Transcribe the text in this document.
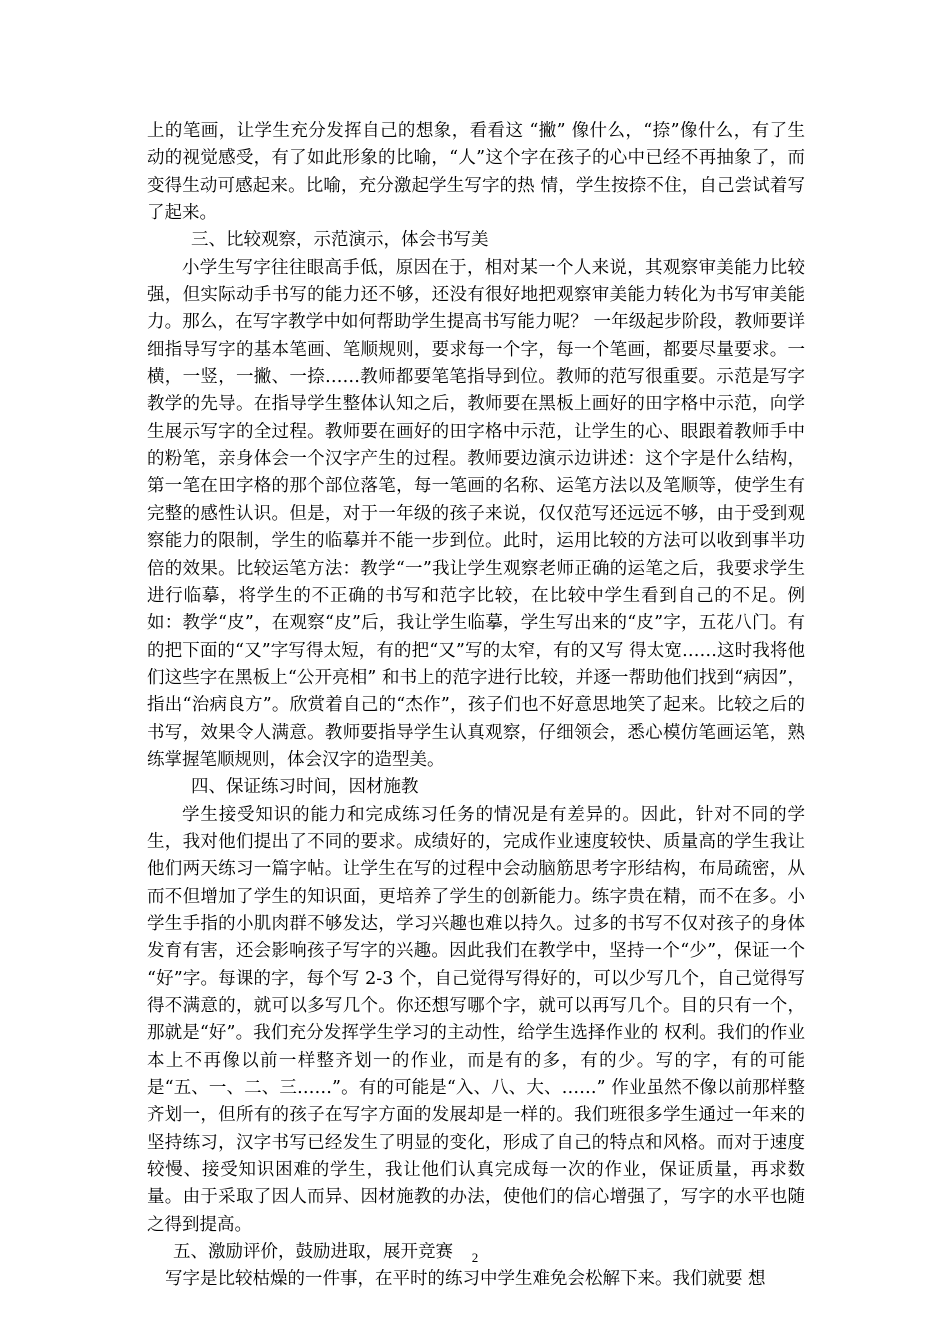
上的笔画，让学生充分发挥自己的想象，看看这 “撇” 像什么，“捺”像什么，有了生动的视觉感受，有了如此形象的比喻，“人”这个字在孩子的心中已经不再抽象了，而变得生动可感起来。比喻，充分激起学生写字的热 情，学生按捺不住，自己尝试着写了起来。

三、比较观察，示范演示，体会书写美

小学生写字往往眼高手低，原因在于，相对某一个人来说，其观察审美能力比较强，但实际动手书写的能力还不够，还没有很好地把观察审美能力转化为书写审美能力。那么，在写字教学中如何帮助学生提高书写能力呢？ 一年级起步阶段，教师要详细指导写字的基本笔画、笔顺规则，要求每一个字，每一个笔画，都要尽量要求。一横，一竖，一撇、一捺……教师都要笔笔指导到位。教师的范写很重要。示范是写字教学的先导。在指导学生整体认知之后，教师要在黑板上画好的田字格中示范，向学生展示写字的全过程。教师要在画好的田字格中示范，让学生的心、眼跟着教师手中的粉笔，亲身体会一个汉字产生的过程。教师要边演示边讲述：这个字是什么结构，第一笔在田字格的那个部位落笔，每一笔画的名称、运笔方法以及笔顺等，使学生有完整的感性认识。但是，对于一年级的孩子来说，仅仅范写还远远不够，由于受到观察能力的限制，学生的临摹并不能一步到位。此时，运用比较的方法可以收到事半功倍的效果。比较运笔方法：教学“一”我让学生观察老师正确的运笔之后，我要求学生进行临摹，将学生的不正确的书写和范字比较，在比较中学生看到自己的不足。例如：教学“皮”，在观察“皮”后，我让学生临摹，学生写出来的“皮”字，五花八门。有的把下面的“又”字写得太短，有的把“又”写的太窄，有的又写 得太宽……这时我将他们这些字在黑板上“公开亮相” 和书上的范字进行比较，并逐一帮助他们找到“病因”，指出“治病良方”。欣赏着自己的“杰作”，孩子们也不好意思地笑了起来。比较之后的书写，效果令人满意。教师要指导学生认真观察，仔细领会，悉心模仿笔画运笔，熟练掌握笔顺规则，体会汉字的造型美。

四、保证练习时间，因材施教

学生接受知识的能力和完成练习任务的情况是有差异的。因此，针对不同的学生，我对他们提出了不同的要求。成绩好的，完成作业速度较快、质量高的学生我让他们两天练习一篇字帖。让学生在写的过程中会动脑筋思考字形结构，布局疏密，从而不但增加了学生的知识面，更培养了学生的创新能力。练字贵在精，而不在多。小学生手指的小肌肉群不够发达，学习兴趣也难以持久。过多的书写不仅对孩子的身体发育有害，还会影响孩子写字的兴趣。因此我们在教学中，坚持一个“少”，保证一个 “好”字。每课的字，每个写 2-3 个，自己觉得写得好的，可以少写几个，自己觉得写得不满意的，就可以多写几个。你还想写哪个字，就可以再写几个。目的只有一个，那就是“好”。我们充分发挥学生学习的主动性，给学生选择作业的 权利。我们的作业本上不再像以前一样整齐划一的作业，而是有的多，有的少。写的字，有的可能是“五、一、二、三……”。有的可能是“入、八、大、……” 作业虽然不像以前那样整齐划一，但所有的孩子在写字方面的发展却是一样的。我们班很多学生通过一年来的坚持练习，汉字书写已经发生了明显的变化，形成了自己的特点和风格。而对于速度较慢、接受知识困难的学生，我让他们认真完成每一次的作业，保证质量，再求数量。由于采取了因人而异、因材施教的办法，使他们的信心增强了，写字的水平也随之得到提高。

五、激励评价，鼓励进取，展开竞赛

写字是比较枯燥的一件事，在平时的练习中学生难免会松解下来。我们就要 想

2
